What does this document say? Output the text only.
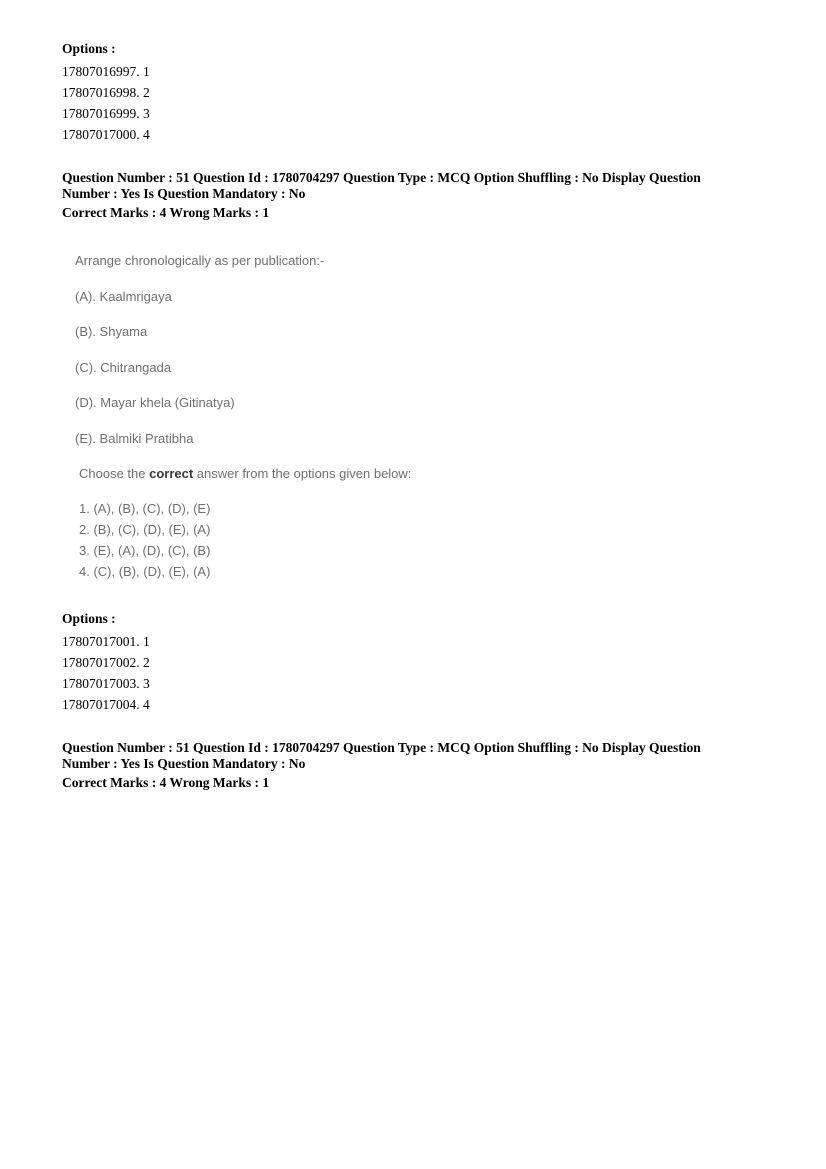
Options :
17807016997. 1
17807016998. 2
17807016999. 3
17807017000. 4
Question Number : 51 Question Id : 1780704297 Question Type : MCQ Option Shuffling : No Display Question Number : Yes Is Question Mandatory : No
Correct Marks : 4 Wrong Marks : 1
Arrange chronologically as per publication:-
(A). Kaalmrigaya
(B). Shyama
(C). Chitrangada
(D). Mayar khela (Gitinatya)
(E). Balmiki Pratibha
Choose the correct answer from the options given below:
1. (A), (B), (C), (D), (E)
2. (B), (C), (D), (E), (A)
3. (E), (A), (D), (C), (B)
4. (C), (B), (D), (E), (A)
Options :
17807017001. 1
17807017002. 2
17807017003. 3
17807017004. 4
Question Number : 51 Question Id : 1780704297 Question Type : MCQ Option Shuffling : No Display Question Number : Yes Is Question Mandatory : No
Correct Marks : 4 Wrong Marks : 1
